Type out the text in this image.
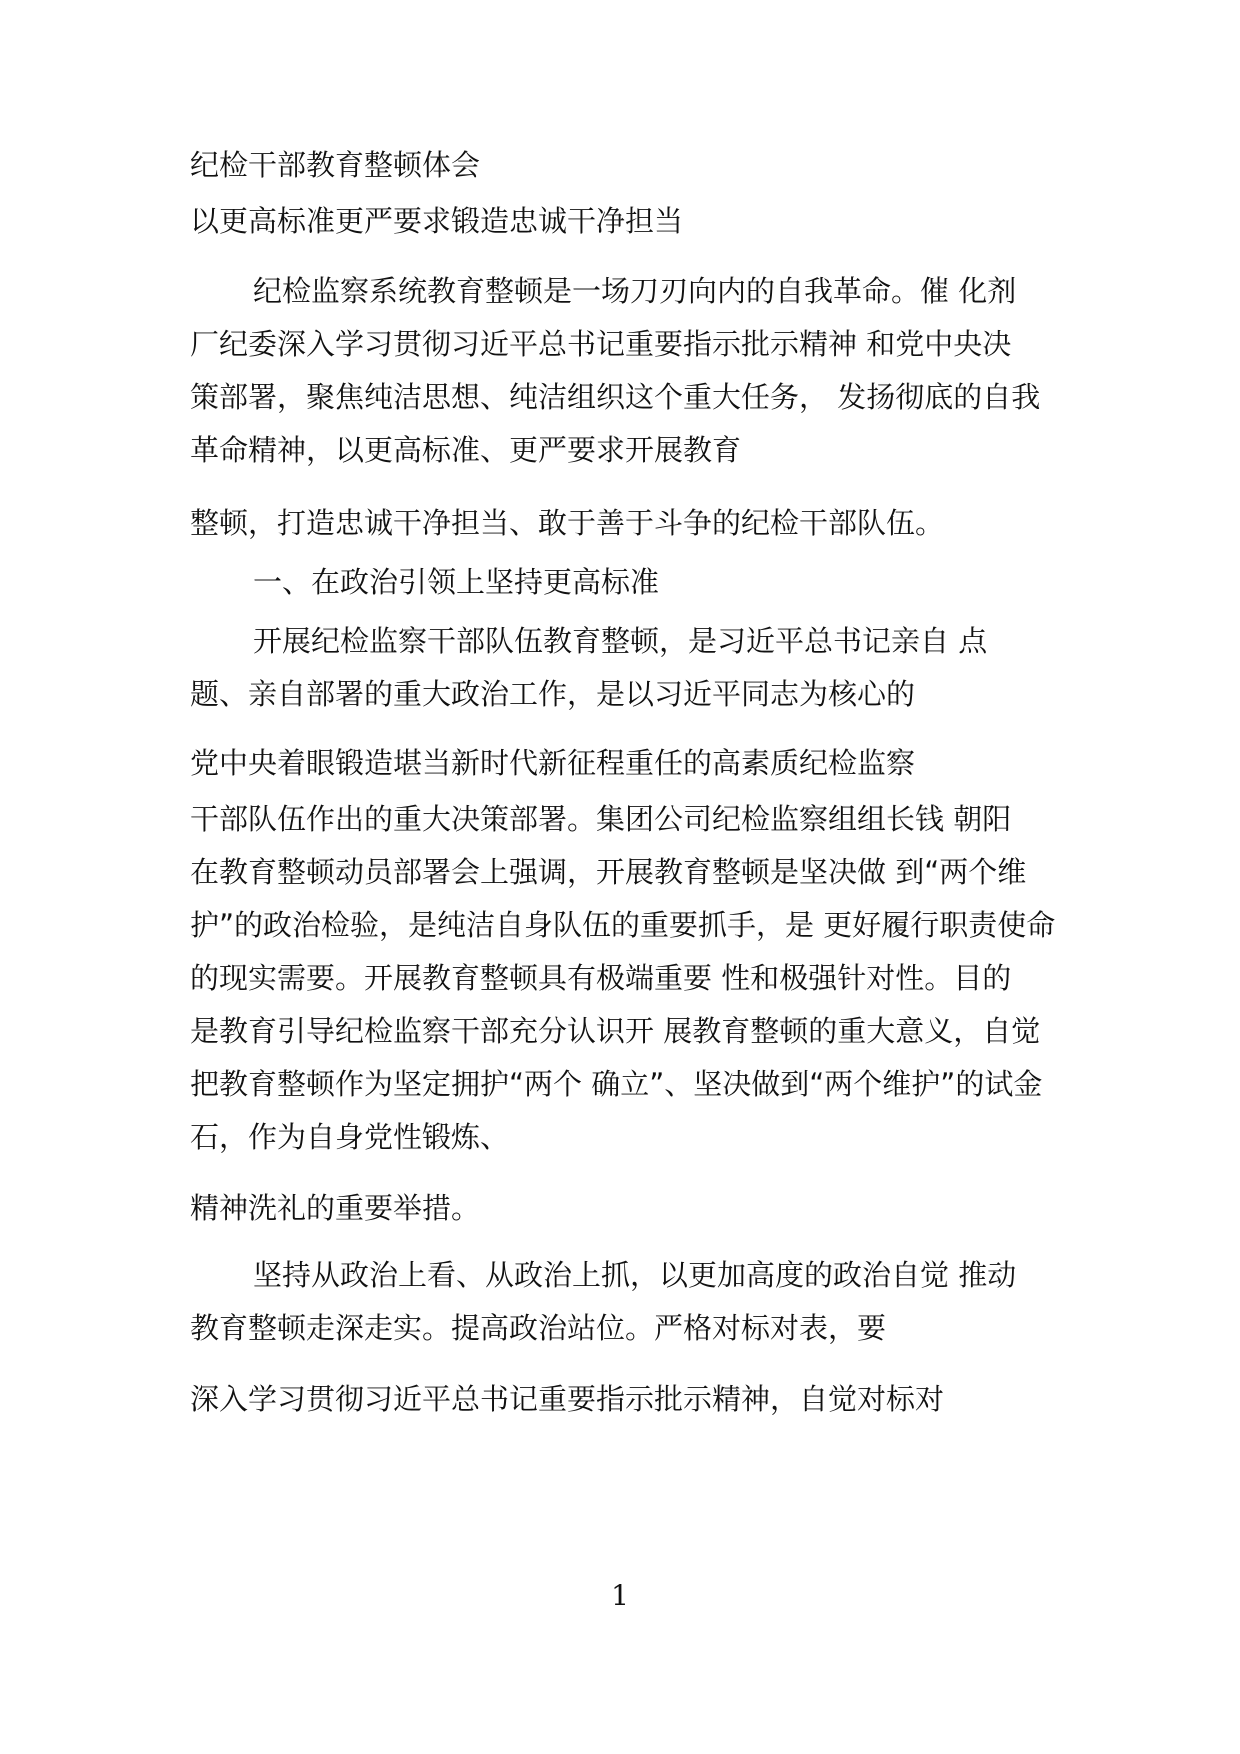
纪检干部教育整顿体会

以更高标准更严要求锻造忠诚干净担当

纪检监察系统教育整顿是一场刀刃向内的自我革命。催 化剂

厂纪委深入学习贯彻习近平总书记重要指示批示精神 和党中央决

策部署，聚焦纯洁思想、纯洁组织这个重大任务， 发扬彻底的自我

革命精神，以更高标准、更严要求开展教育

整顿，打造忠诚干净担当、敢于善于斗争的纪检干部队伍。

一、在政治引领上坚持更高标准

开展纪检监察干部队伍教育整顿，是习近平总书记亲自 点

题、亲自部署的重大政治工作，是以习近平同志为核心的

党中央着眼锻造堪当新时代新征程重任的高素质纪检监察

干部队伍作出的重大决策部署。集团公司纪检监察组组长钱 朝阳

在教育整顿动员部署会上强调，开展教育整顿是坚决做 到“两个维

护”的政治检验，是纯洁自身队伍的重要抓手，是 更好履行职责使命

的现实需要。开展教育整顿具有极端重要 性和极强针对性。目的

是教育引导纪检监察干部充分认识开 展教育整顿的重大意义，自觉

把教育整顿作为坚定拥护“两个 确立”、坚决做到“两个维护”的试金

石，作为自身党性锻炼、

精神洗礼的重要举措。

坚持从政治上看、从政治上抓，以更加高度的政治自觉 推动

教育整顿走深走实。提高政治站位。严格对标对表，要

深入学习贯彻习近平总书记重要指示批示精神，自觉对标对

1
